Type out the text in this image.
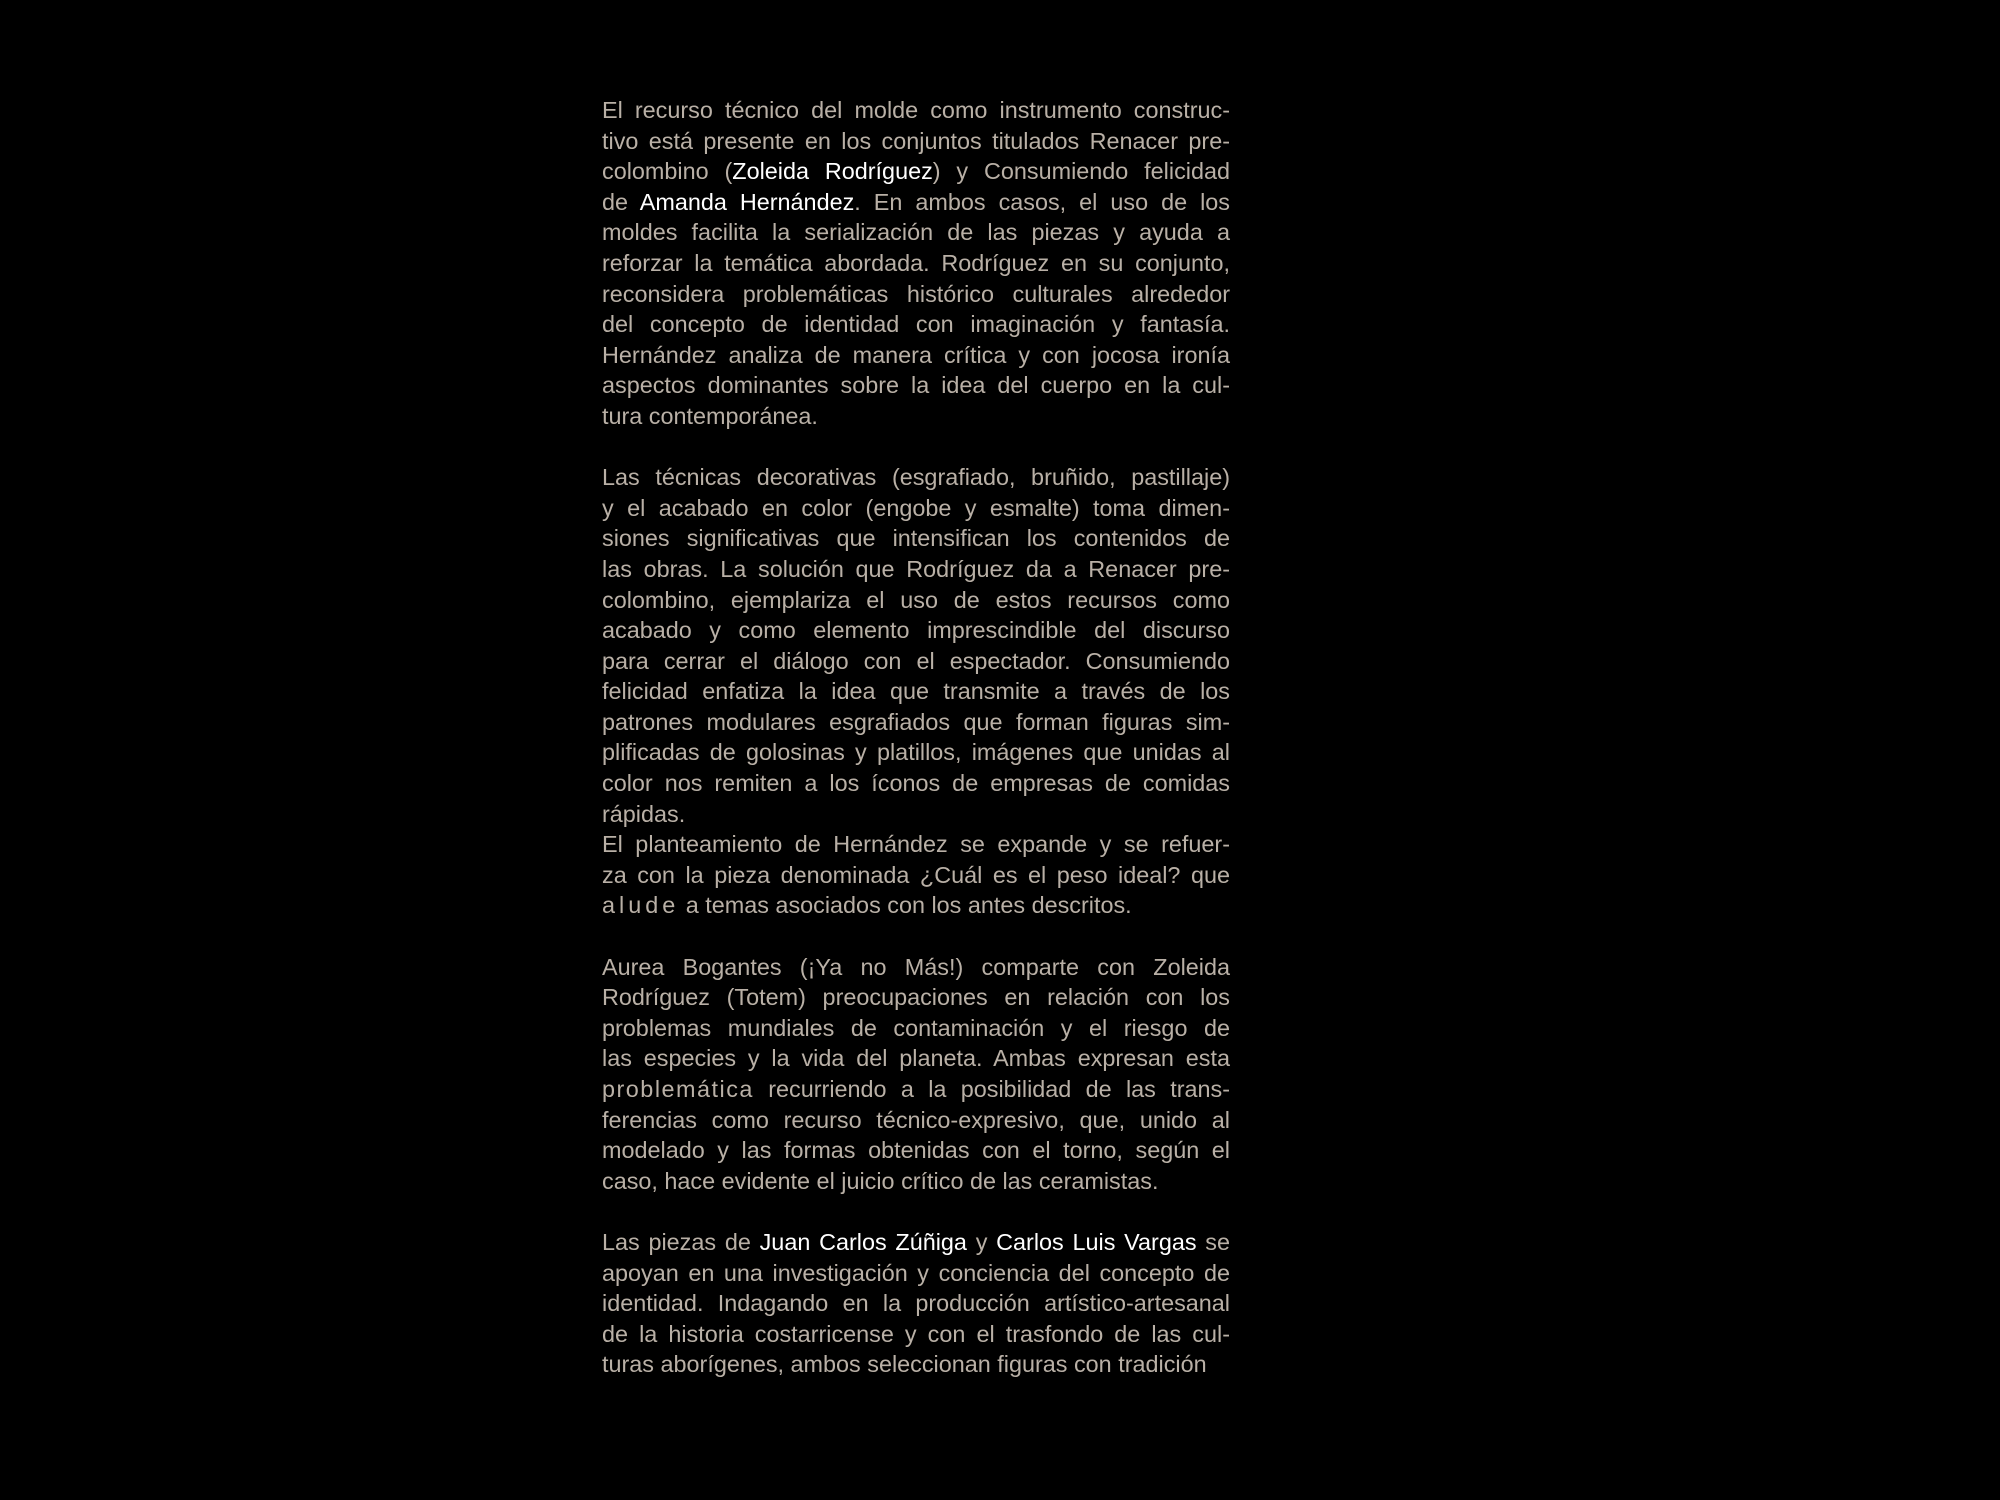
El recurso técnico del molde como instrumento construc-
tivo está presente en los conjuntos titulados Renacer pre-
colombino (Zoleida Rodríguez) y Consumiendo felicidad
de Amanda Hernández. En ambos casos, el uso de los
moldes facilita la serialización de las piezas y ayuda a
reforzar la temática abordada. Rodríguez en su conjunto,
reconsidera problemáticas histórico culturales alrededor
del concepto de identidad con imaginación y fantasía.
Hernández analiza de manera crítica y con jocosa ironía
aspectos dominantes sobre la idea del cuerpo en la cul-
tura contemporánea.
Las técnicas decorativas (esgrafiado, bruñido, pastillaje)
y el acabado en color (engobe y esmalte) toma dimen-
siones significativas que intensifican los contenidos de
las obras. La solución que Rodríguez da a Renacer pre-
colombino, ejemplariza el uso de estos recursos como
acabado y como elemento imprescindible del discurso
para cerrar el diálogo con el espectador. Consumiendo
felicidad enfatiza la idea que transmite a través de los
patrones modulares esgrafiados que forman figuras sim-
plificadas de golosinas y platillos, imágenes que unidas al
color nos remiten a los íconos de empresas de comidas
rápidas.
El planteamiento de Hernández se expande y se refuer-
za con la pieza denominada ¿Cuál es el peso ideal? que
alude a temas asociados con los antes descritos.
Aurea Bogantes (¡Ya no Más!) comparte con Zoleida
Rodríguez (Totem) preocupaciones en relación con los
problemas mundiales de contaminación y el riesgo de
las especies y la vida del planeta. Ambas expresan esta
problemática recurriendo a la posibilidad de las trans-
ferencias como recurso técnico-expresivo, que, unido al
modelado y las formas obtenidas con el torno, según el
caso, hace evidente el juicio crítico de las ceramistas.
Las piezas de Juan Carlos Zúñiga y Carlos Luis Vargas se
apoyan en una investigación y conciencia del concepto de
identidad. Indagando en la producción artístico-artesanal
de la historia costarricense y con el trasfondo de las cul-
turas aborígenes, ambos seleccionan figuras con tradición
